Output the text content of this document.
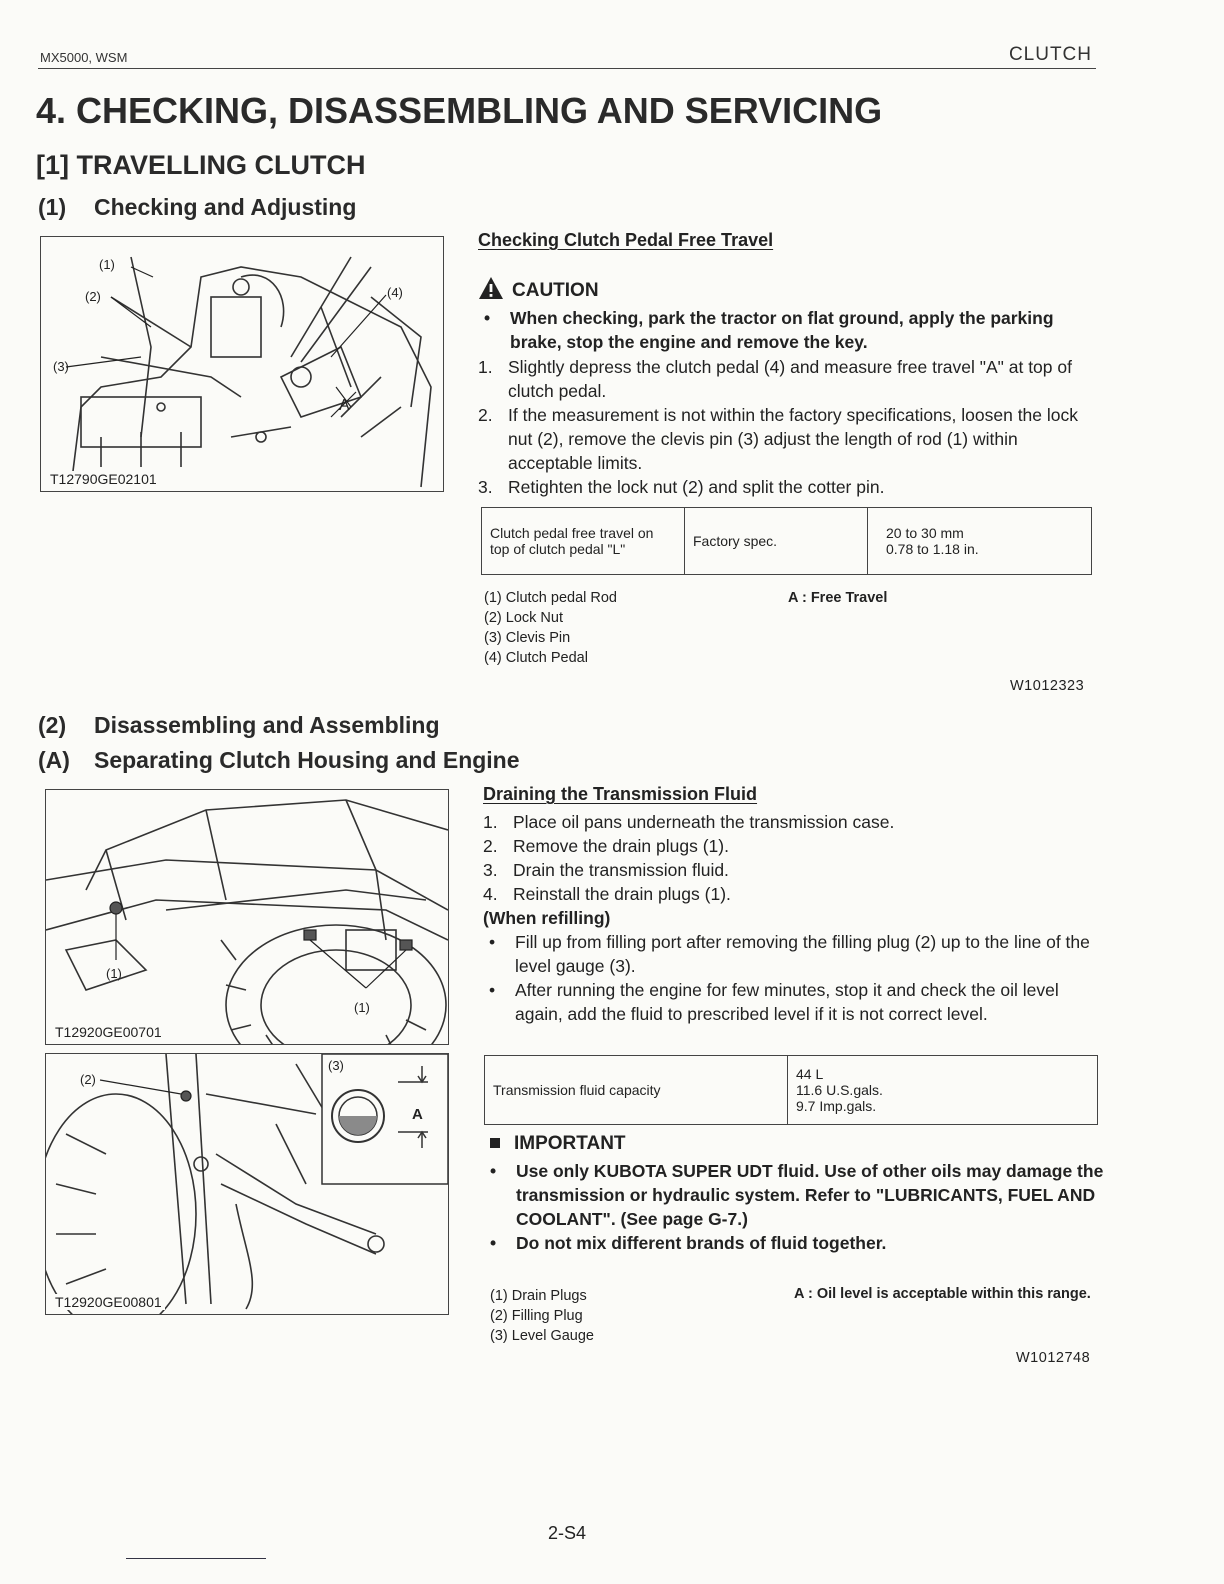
MX5000, WSM	CLUTCH
4. CHECKING, DISASSEMBLING AND SERVICING
[1] TRAVELLING CLUTCH
(1) Checking and Adjusting
(1)
(2)
(3)
(4)
A
T12790GE02101
Checking Clutch Pedal Free Travel
CAUTION
• When checking, park the tractor on flat ground, apply the parking brake, stop the engine and remove the key.
1. Slightly depress the clutch pedal (4) and measure free travel "A" at top of clutch pedal.
2. If the measurement is not within the factory specifications, loosen the lock nut (2), remove the clevis pin (3) adjust the length of rod (1) within acceptable limits.
3. Retighten the lock nut (2) and split the cotter pin.
Clutch pedal free travel on top of clutch pedal "L"	Factory spec.	20 to 30 mm
0.78 to 1.18 in.
(1) Clutch pedal Rod
(2) Lock Nut
(3) Clevis Pin
(4) Clutch Pedal
A : Free Travel
W1012323
(2) Disassembling and Assembling
(A) Separating Clutch Housing and Engine
(1)
(1)
T12920GE00701
(2)
(3)
A
T12920GE00801
Draining the Transmission Fluid
1. Place oil pans underneath the transmission case.
2. Remove the drain plugs (1).
3. Drain the transmission fluid.
4. Reinstall the drain plugs (1).
(When refilling)
• Fill up from filling port after removing the filling plug (2) up to the line of the level gauge (3).
• After running the engine for few minutes, stop it and check the oil level again, add the fluid to prescribed level if it is not correct level.
Transmission fluid capacity	
44 L
11.6 U.S.gals.
9.7 Imp.gals.
IMPORTANT
• Use only KUBOTA SUPER UDT fluid. Use of other oils may damage the transmission or hydraulic system. Refer to "LUBRICANTS, FUEL AND COOLANT". (See page G-7.)
• Do not mix different brands of fluid together.
(1) Drain Plugs
(2) Filling Plug
(3) Level Gauge
A : Oil level is acceptable within this range.
W1012748
2-S4
